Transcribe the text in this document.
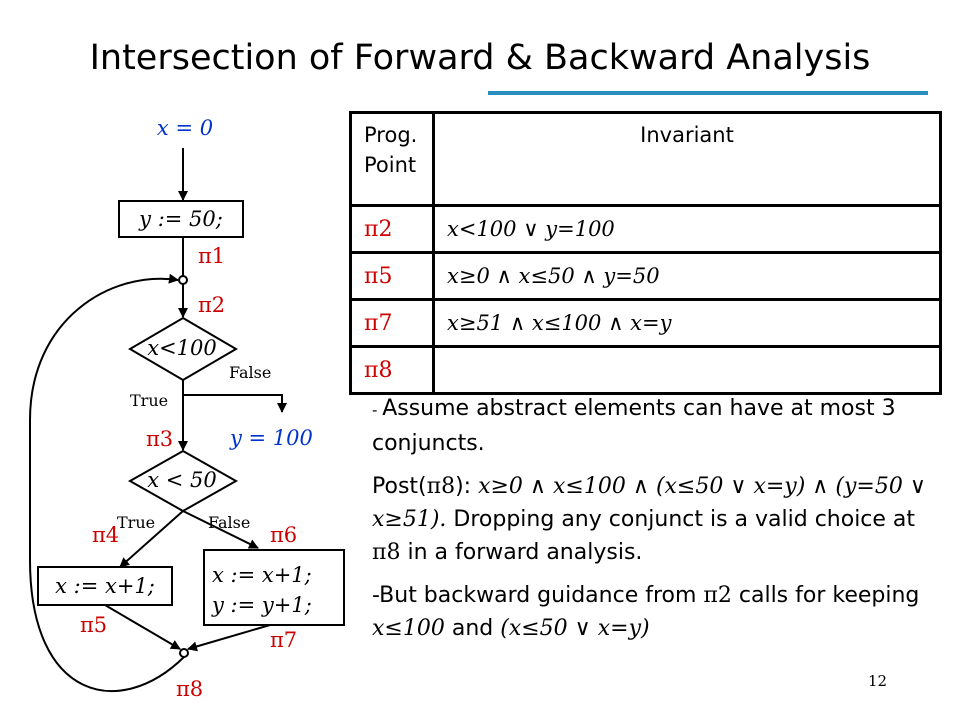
Intersection of Forward & Backward Analysis
x = 0
y := 50;
x<100
False
True
y = 100
x < 50
True	False
x := x+1;	x := x+1;
y := y+1;
π1
π2
π3
π4
π5
π6
π7
π8
Prog.
Point	Invariant
π2	x<100 ∨ y=100
π5	x≥0 ∧ x≤50 ∧ y=50
π7	x≥51 ∧ x≤100 ∧ x=y
π8	

- Assume abstract elements can have at most 3 conjuncts.

Post(π8): x≥0 ∧ x≤100 ∧ (x≤50 ∨ x=y) ∧ (y=50 ∨ x≥51). Dropping any conjunct is a valid choice at π8 in a forward analysis.

-But backward guidance from π2 calls for keeping x≤100 and (x≤50 ∨ x=y)

12
